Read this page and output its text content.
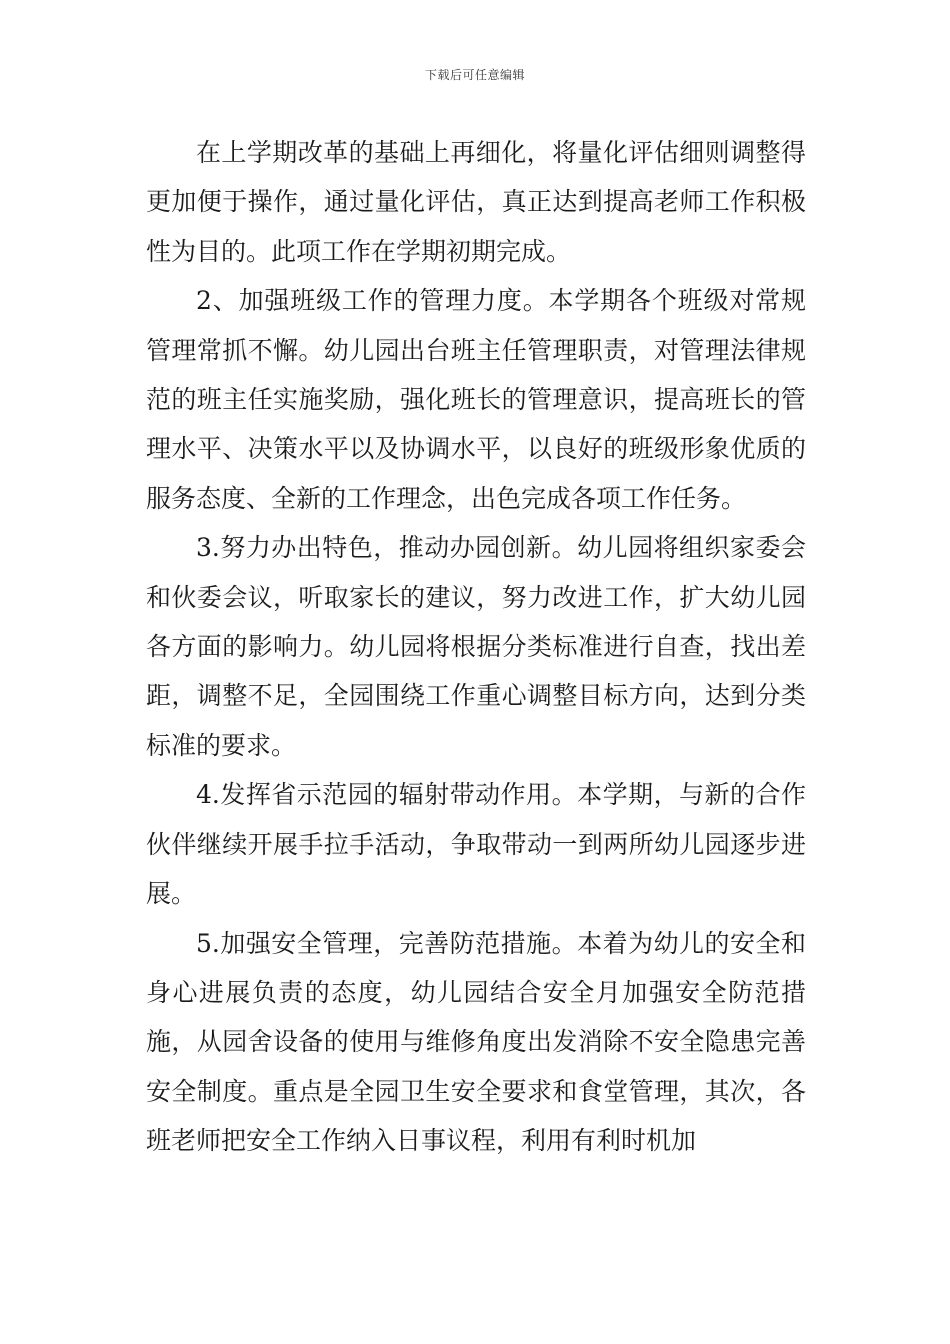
下载后可任意编辑

在上学期改革的基础上再细化，将量化评估细则调整得更加便于操作，通过量化评估，真正达到提高老师工作积极性为目的。此项工作在学期初期完成。

2、加强班级工作的管理力度。本学期各个班级对常规管理常抓不懈。幼儿园出台班主任管理职责，对管理法律规范的班主任实施奖励，强化班长的管理意识，提高班长的管理水平、决策水平以及协调水平，以良好的班级形象优质的服务态度、全新的工作理念，出色完成各项工作任务。

3.努力办出特色，推动办园创新。幼儿园将组织家委会和伙委会议，听取家长的建议，努力改进工作，扩大幼儿园各方面的影响力。幼儿园将根据分类标准进行自查，找出差距，调整不足，全园围绕工作重心调整目标方向，达到分类标准的要求。

4.发挥省示范园的辐射带动作用。本学期，与新的合作伙伴继续开展手拉手活动，争取带动一到两所幼儿园逐步进展。

5.加强安全管理，完善防范措施。本着为幼儿的安全和身心进展负责的态度，幼儿园结合安全月加强安全防范措施，从园舍设备的使用与维修角度出发消除不安全隐患完善安全制度。重点是全园卫生安全要求和食堂管理，其次，各班老师把安全工作纳入日事议程，利用有利时机加
